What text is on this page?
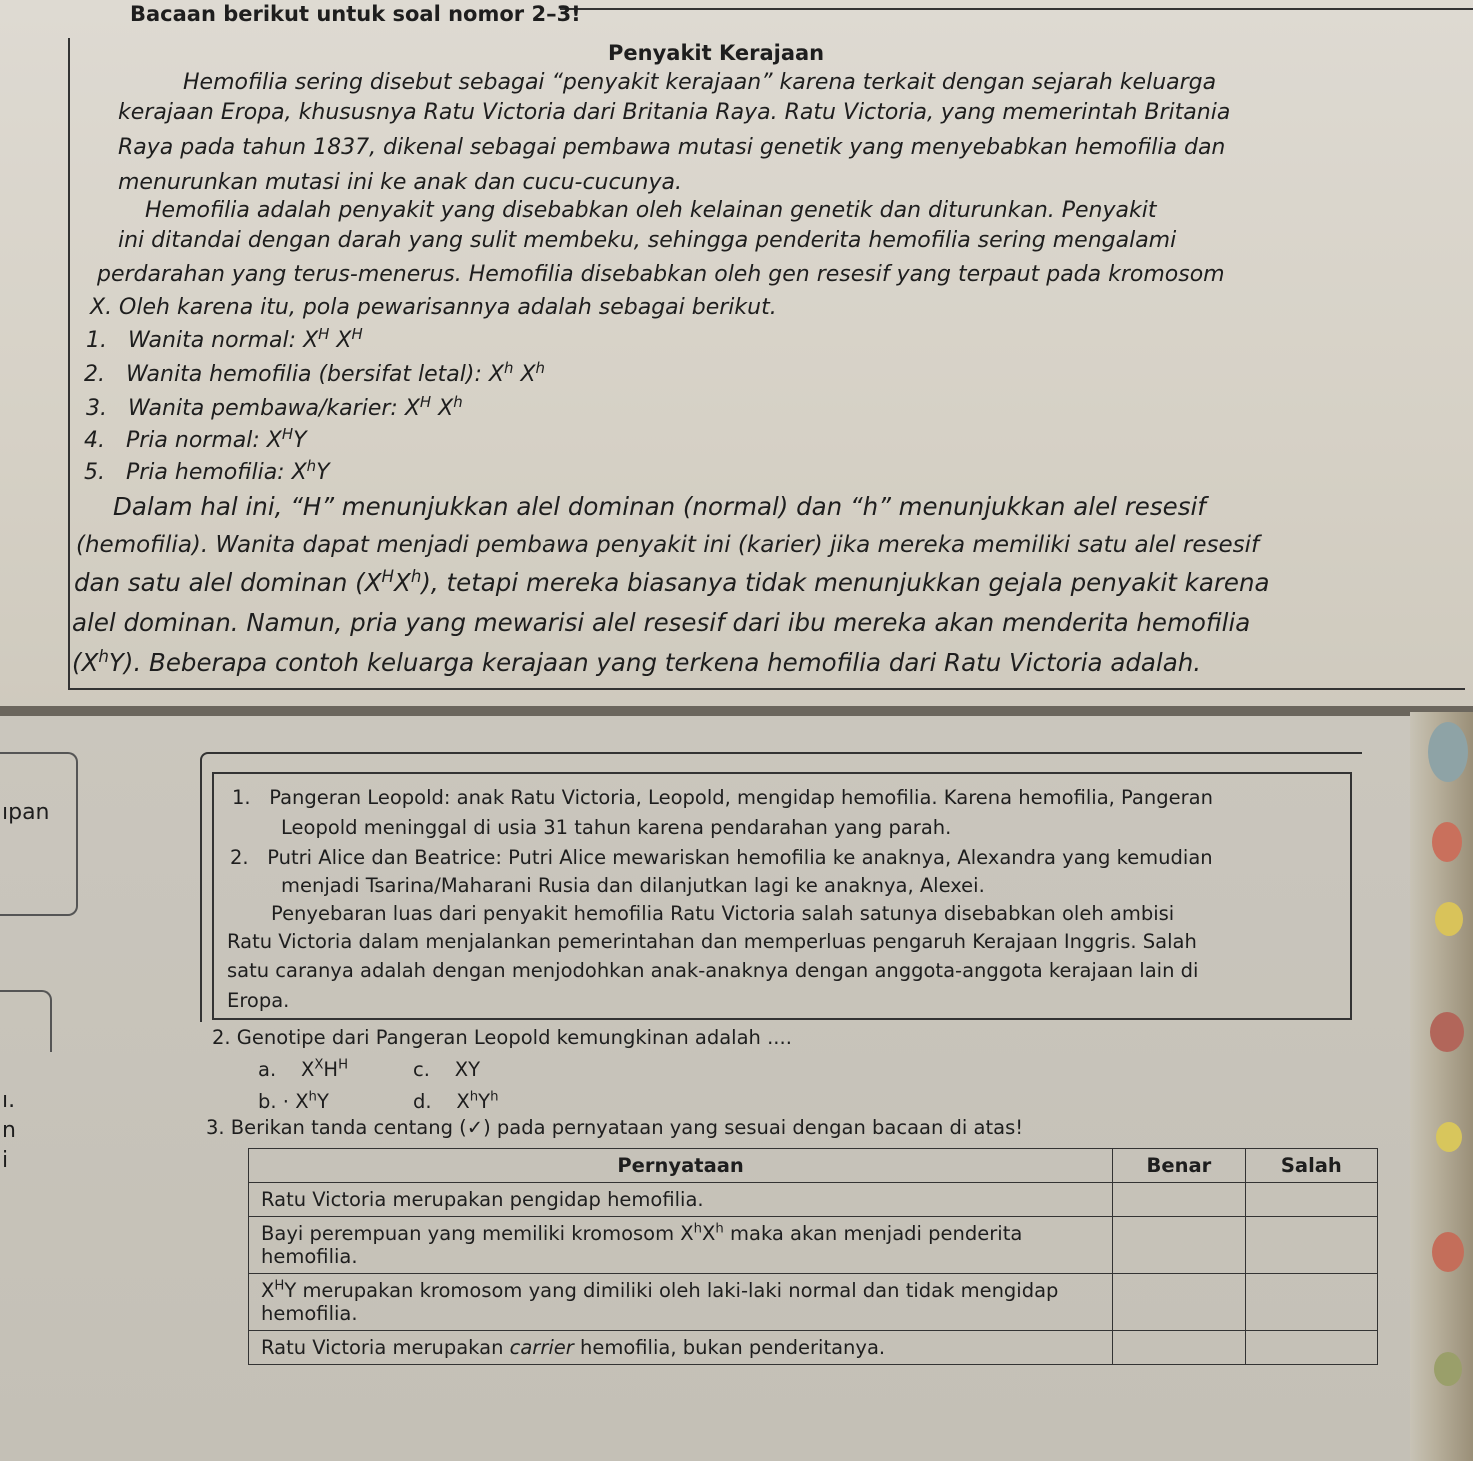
Bacaan berikut untuk soal nomor 2–3!
Penyakit Kerajaan
Hemofilia sering disebut sebagai “penyakit kerajaan” karena terkait dengan sejarah keluarga
kerajaan Eropa, khususnya Ratu Victoria dari Britania Raya. Ratu Victoria, yang memerintah Britania
Raya pada tahun 1837, dikenal sebagai pembawa mutasi genetik yang menyebabkan hemofilia dan
menurunkan mutasi ini ke anak dan cucu-cucunya.
Hemofilia adalah penyakit yang disebabkan oleh kelainan genetik dan diturunkan. Penyakit
ini ditandai dengan darah yang sulit membeku, sehingga penderita hemofilia sering mengalami
perdarahan yang terus-menerus. Hemofilia disebabkan oleh gen resesif yang terpaut pada kromosom
X. Oleh karena itu, pola pewarisannya adalah sebagai berikut.
1. Wanita normal: $X^H$ $X^H$
2. Wanita hemofilia (bersifat letal): $X^h$ $X^h$
3. Wanita pembawa/karier: $X^H$ $X^h$
4. Pria normal: $X^HY$
5. Pria hemofilia: $X^hY$
Dalam hal ini, “H” menunjukkan alel dominan (normal) dan “h” menunjukkan alel resesif
(hemofilia). Wanita dapat menjadi pembawa penyakit ini (karier) jika mereka memiliki satu alel resesif
dan satu alel dominan $(X^HX^h)$, tetapi mereka biasanya tidak menunjukkan gejala penyakit karena
alel dominan. Namun, pria yang mewarisi alel resesif dari ibu mereka akan menderita hemofilia
$(X^hY)$. Beberapa contoh keluarga kerajaan yang terkena hemofilia dari Ratu Victoria adalah.
ıpan
ı.
n
i
1. Pangeran Leopold: anak Ratu Victoria, Leopold, mengidap hemofilia. Karena hemofilia, Pangeran
Leopold meninggal di usia 31 tahun karena pendarahan yang parah.
2. Putri Alice dan Beatrice: Putri Alice mewariskan hemofilia ke anaknya, Alexandra yang kemudian
menjadi Tsarina/Maharani Rusia dan dilanjutkan lagi ke anaknya, Alexei.
Penyebaran luas dari penyakit hemofilia Ratu Victoria salah satunya disebabkan oleh ambisi
Ratu Victoria dalam menjalankan pemerintahan dan memperluas pengaruh Kerajaan Inggris. Salah
satu caranya adalah dengan menjodohkan anak-anaknya dengan anggota-anggota kerajaan lain di
Eropa.
2. Genotipe dari Pangeran Leopold kemungkinan adalah ....
a. $X^XH^H$	c. XY
b. · $X^hY$	d. $X^hY^h$
3. Berikan tanda centang (✓) pada pernyataan yang sesuai dengan bacaan di atas!
Pernyataan	Benar	Salah
Ratu Victoria merupakan pengidap hemofilia.		
Bayi perempuan yang memiliki kromosom $X^hX^h$ maka akan menjadi penderita hemofilia.		
$X^HY$ merupakan kromosom yang dimiliki oleh laki-laki normal dan tidak mengidap hemofilia.		
Ratu Victoria merupakan carrier hemofilia, bukan penderitanya.		
